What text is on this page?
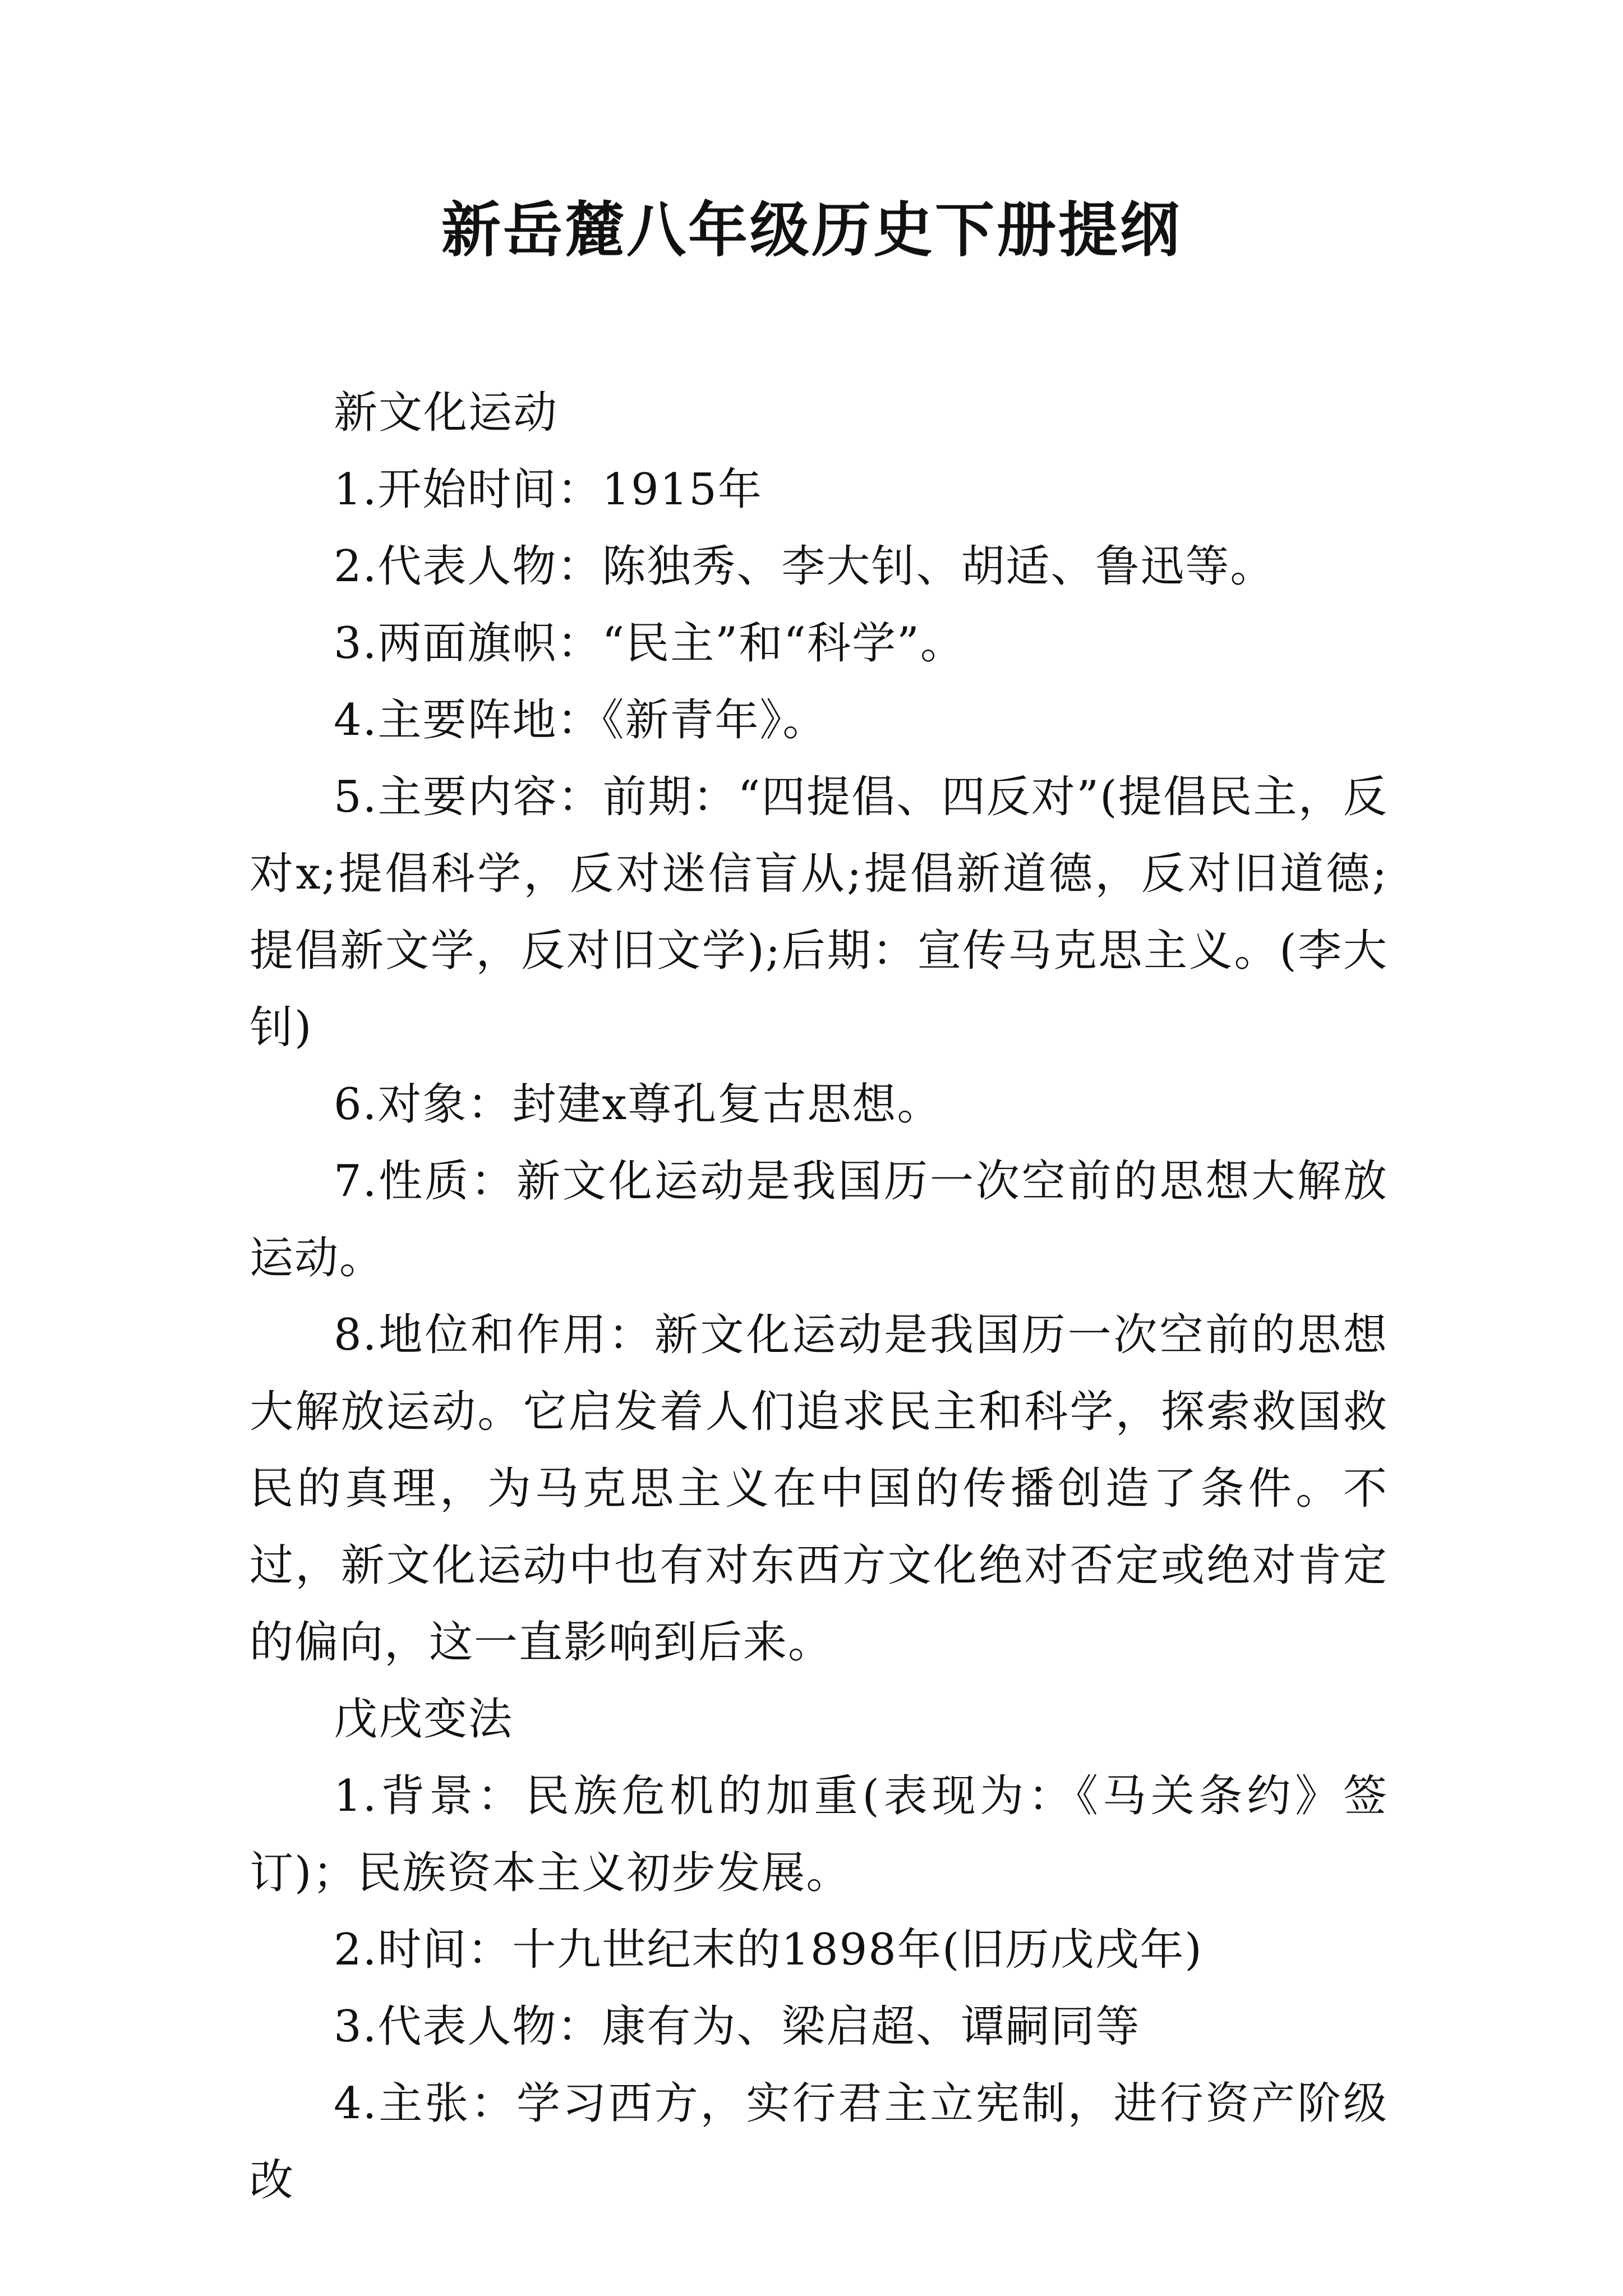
新岳麓八年级历史下册提纲

新文化运动

1.开始时间：1915年

2.代表人物：陈独秀、李大钊、胡适、鲁迅等。

3.两面旗帜：“民主”和“科学”。

4.主要阵地：《新青年》。

5.主要内容：前期：“四提倡、四反对”(提倡民主，反对x;提倡科学，反对迷信盲从;提倡新道德，反对旧道德;提倡新文学，反对旧文学);后期：宣传马克思主义。(李大钊)

6.对象：封建x尊孔复古思想。

7.性质：新文化运动是我国历一次空前的思想大解放运动。

8.地位和作用：新文化运动是我国历一次空前的思想大解放运动。它启发着人们追求民主和科学，探索救国救民的真理，为马克思主义在中国的传播创造了条件。不过，新文化运动中也有对东西方文化绝对否定或绝对肯定的偏向，这一直影响到后来。

戊戌变法

1.背景：民族危机的加重(表现为：《马关条约》签订)；民族资本主义初步发展。

2.时间：十九世纪末的1898年(旧历戊戌年)

3.代表人物：康有为、梁启超、谭嗣同等

4.主张：学习西方，实行君主立宪制，进行资产阶级改
